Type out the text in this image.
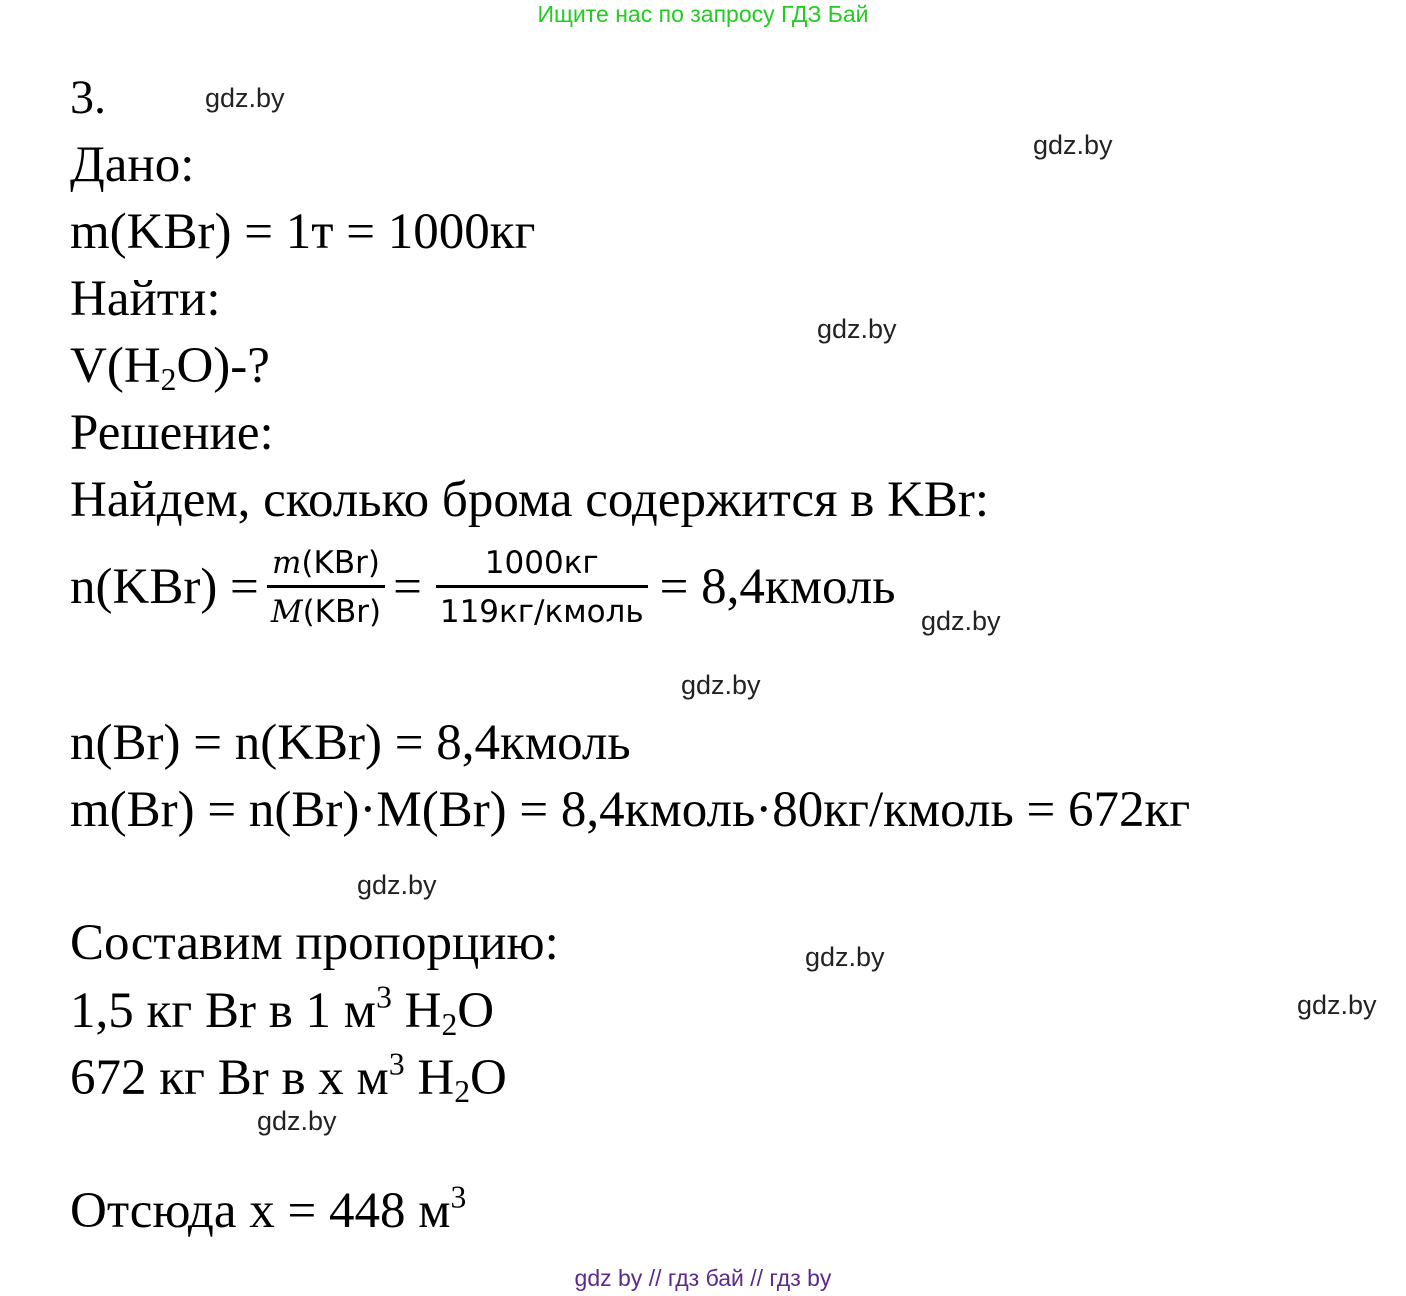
Ищите нас по запросу ГДЗ Бай
3.
Дано:
m(KBr) = 1т = 1000кг
Найти:
$V(H_2O)-$?
Решение:
Найдем, сколько брома содержится в KBr:
$n(KBr) = \frac{\text{m(KBr)}}{\text{M(KBr)}} = \frac{1000кг}{\text{119кг/кмоль}}$ = 8,4кмоль
n(Br) = n(KBr) = 8,4кмоль
m(Br) = n(Br)·M(Br) = 8,4кмоль·80кг/кмоль = 672кг
Составим пропорцию:
1,5 кг Br в 1 $м^3$ $H_2O$
672 кг Br в x $м^3$ $H_2O$
Отсюда x = 448 $м^3$
gdz.by
gdz.by
gdz.by
gdz.by
gdz.by
gdz.by
gdz.by
gdz.by
gdz.by
gdz by // гдз бай // гдз by
